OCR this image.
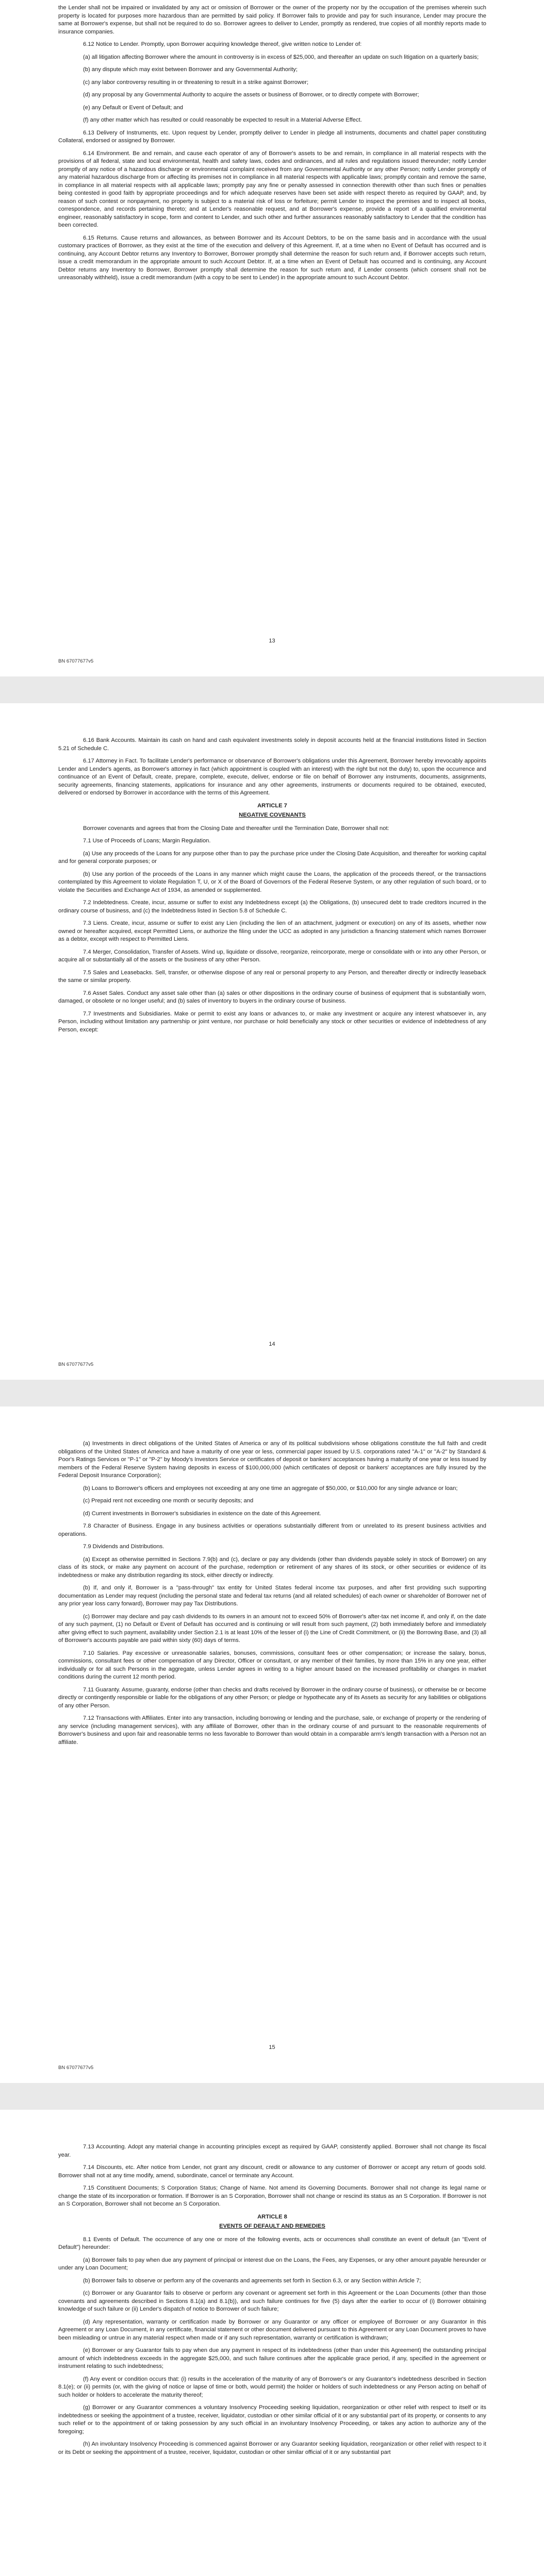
the Lender shall not be impaired or invalidated by any act or omission of Borrower or the owner of the property nor by the occupation of the premises wherein such property is located for purposes more hazardous than are permitted by said policy. If Borrower fails to provide and pay for such insurance, Lender may procure the same at Borrower's expense, but shall not be required to do so. Borrower agrees to deliver to Lender, promptly as rendered, true copies of all monthly reports made to insurance companies.

6.12 Notice to Lender. Promptly, upon Borrower acquiring knowledge thereof, give written notice to Lender of:

(a) all litigation affecting Borrower where the amount in controversy is in excess of $25,000, and thereafter an update on such litigation on a quarterly basis;

(b) any dispute which may exist between Borrower and any Governmental Authority;

(c) any labor controversy resulting in or threatening to result in a strike against Borrower;

(d) any proposal by any Governmental Authority to acquire the assets or business of Borrower, or to directly compete with Borrower;

(e) any Default or Event of Default; and

(f) any other matter which has resulted or could reasonably be expected to result in a Material Adverse Effect.

6.13 Delivery of Instruments, etc. Upon request by Lender, promptly deliver to Lender in pledge all instruments, documents and chattel paper constituting Collateral, endorsed or assigned by Borrower.

6.14 Environment. Be and remain, and cause each operator of any of Borrower's assets to be and remain, in compliance in all material respects with the provisions of all federal, state and local environmental, health and safety laws, codes and ordinances, and all rules and regulations issued thereunder; notify Lender promptly of any notice of a hazardous discharge or environmental complaint received from any Governmental Authority or any other Person; notify Lender promptly of any material hazardous discharge from or affecting its premises not in compliance in all material respects with applicable laws; promptly contain and remove the same, in compliance in all material respects with all applicable laws; promptly pay any fine or penalty assessed in connection therewith other than such fines or penalties being contested in good faith by appropriate proceedings and for which adequate reserves have been set aside with respect thereto as required by GAAP, and, by reason of such contest or nonpayment, no property is subject to a material risk of loss or forfeiture; permit Lender to inspect the premises and to inspect all books, correspondence, and records pertaining thereto; and at Lender's reasonable request, and at Borrower's expense, provide a report of a qualified environmental engineer, reasonably satisfactory in scope, form and content to Lender, and such other and further assurances reasonably satisfactory to Lender that the condition has been corrected.

6.15 Returns. Cause returns and allowances, as between Borrower and its Account Debtors, to be on the same basis and in accordance with the usual customary practices of Borrower, as they exist at the time of the execution and delivery of this Agreement. If, at a time when no Event of Default has occurred and is continuing, any Account Debtor returns any Inventory to Borrower, Borrower promptly shall determine the reason for such return and, if Borrower accepts such return, issue a credit memorandum in the appropriate amount to such Account Debtor. If, at a time when an Event of Default has occurred and is continuing, any Account Debtor returns any Inventory to Borrower, Borrower promptly shall determine the reason for such return and, if Lender consents (which consent shall not be unreasonably withheld), issue a credit memorandum (with a copy to be sent to Lender) in the appropriate amount to such Account Debtor.

13
BN 67077677v5

6.16 Bank Accounts. Maintain its cash on hand and cash equivalent investments solely in deposit accounts held at the financial institutions listed in Section 5.21 of Schedule C.

6.17 Attorney in Fact. To facilitate Lender's performance or observance of Borrower's obligations under this Agreement, Borrower hereby irrevocably appoints Lender and Lender's agents, as Borrower's attorney in fact (which appointment is coupled with an interest) with the right but not the duty) to, upon the occurrence and continuance of an Event of Default, create, prepare, complete, execute, deliver, endorse or file on behalf of Borrower any instruments, documents, assignments, security agreements, financing statements, applications for insurance and any other agreements, instruments or documents required to be obtained, executed, delivered or endorsed by Borrower in accordance with the terms of this Agreement.

ARTICLE 7

NEGATIVE COVENANTS

Borrower covenants and agrees that from the Closing Date and thereafter until the Termination Date, Borrower shall not:

7.1 Use of Proceeds of Loans; Margin Regulation.

(a) Use any proceeds of the Loans for any purpose other than to pay the purchase price under the Closing Date Acquisition, and thereafter for working capital and for general corporate purposes; or

(b) Use any portion of the proceeds of the Loans in any manner which might cause the Loans, the application of the proceeds thereof, or the transactions contemplated by this Agreement to violate Regulation T, U, or X of the Board of Governors of the Federal Reserve System, or any other regulation of such board, or to violate the Securities and Exchange Act of 1934, as amended or supplemented.

7.2 Indebtedness. Create, incur, assume or suffer to exist any Indebtedness except (a) the Obligations, (b) unsecured debt to trade creditors incurred in the ordinary course of business, and (c) the Indebtedness listed in Section 5.8 of Schedule C.

7.3 Liens. Create, incur, assume or suffer to exist any Lien (including the lien of an attachment, judgment or execution) on any of its assets, whether now owned or hereafter acquired, except Permitted Liens, or authorize the filing under the UCC as adopted in any jurisdiction a financing statement which names Borrower as a debtor, except with respect to Permitted Liens.

7.4 Merger, Consolidation, Transfer of Assets. Wind up, liquidate or dissolve, reorganize, reincorporate, merge or consolidate with or into any other Person, or acquire all or substantially all of the assets or the business of any other Person.

7.5 Sales and Leasebacks. Sell, transfer, or otherwise dispose of any real or personal property to any Person, and thereafter directly or indirectly leaseback the same or similar property.

7.6 Asset Sales. Conduct any asset sale other than (a) sales or other dispositions in the ordinary course of business of equipment that is substantially worn, damaged, or obsolete or no longer useful; and (b) sales of inventory to buyers in the ordinary course of business.

7.7 Investments and Subsidiaries. Make or permit to exist any loans or advances to, or make any investment or acquire any interest whatsoever in, any Person, including without limitation any partnership or joint venture, nor purchase or hold beneficially any stock or other securities or evidence of indebtedness of any Person, except:

14
BN 67077677v5

(a) Investments in direct obligations of the United States of America or any of its political subdivisions whose obligations constitute the full faith and credit obligations of the United States of America and have a maturity of one year or less, commercial paper issued by U.S. corporations rated "A-1" or "A-2" by Standard & Poor's Ratings Services or "P-1" or "P-2" by Moody's Investors Service or certificates of deposit or bankers' acceptances having a maturity of one year or less issued by members of the Federal Reserve System having deposits in excess of $100,000,000 (which certificates of deposit or bankers' acceptances are fully insured by the Federal Deposit Insurance Corporation);

(b) Loans to Borrower's officers and employees not exceeding at any one time an aggregate of $50,000, or $10,000 for any single advance or loan;

(c) Prepaid rent not exceeding one month or security deposits; and

(d) Current investments in Borrower's subsidiaries in existence on the date of this Agreement.

7.8 Character of Business. Engage in any business activities or operations substantially different from or unrelated to its present business activities and operations.

7.9 Dividends and Distributions.

(a) Except as otherwise permitted in Sections 7.9(b) and (c), declare or pay any dividends (other than dividends payable solely in stock of Borrower) on any class of its stock, or make any payment on account of the purchase, redemption or retirement of any shares of its stock, or other securities or evidence of its indebtedness or make any distribution regarding its stock, either directly or indirectly.

(b) If, and only if, Borrower is a "pass-through" tax entity for United States federal income tax purposes, and after first providing such supporting documentation as Lender may request (including the personal state and federal tax returns (and all related schedules) of each owner or shareholder of Borrower net of any prior year loss carry forward), Borrower may pay Tax Distributions.

(c) Borrower may declare and pay cash dividends to its owners in an amount not to exceed 50% of Borrower's after-tax net income if, and only if, on the date of any such payment, (1) no Default or Event of Default has occurred and is continuing or will result from such payment, (2) both immediately before and immediately after giving effect to such payment, availability under Section 2.1 is at least 10% of the lesser of (i) the Line of Credit Commitment, or (ii) the Borrowing Base, and (3) all of Borrower's accounts payable are paid within sixty (60) days of terms.

7.10 Salaries. Pay excessive or unreasonable salaries, bonuses, commissions, consultant fees or other compensation; or increase the salary, bonus, commissions, consultant fees or other compensation of any Director, Officer or consultant, or any member of their families, by more than 15% in any one year, either individually or for all such Persons in the aggregate, unless Lender agrees in writing to a higher amount based on the increased profitability or changes in market conditions during the current 12 month period.

7.11 Guaranty. Assume, guaranty, endorse (other than checks and drafts received by Borrower in the ordinary course of business), or otherwise be or become directly or contingently responsible or liable for the obligations of any other Person; or pledge or hypothecate any of its Assets as security for any liabilities or obligations of any other Person.

7.12 Transactions with Affiliates. Enter into any transaction, including borrowing or lending and the purchase, sale, or exchange of property or the rendering of any service (including management services), with any affiliate of Borrower, other than in the ordinary course of and pursuant to the reasonable requirements of Borrower's business and upon fair and reasonable terms no less favorable to Borrower than would obtain in a comparable arm's length transaction with a Person not an affiliate.

15
BN 67077677v5

7.13 Accounting. Adopt any material change in accounting principles except as required by GAAP, consistently applied. Borrower shall not change its fiscal year.

7.14 Discounts, etc. After notice from Lender, not grant any discount, credit or allowance to any customer of Borrower or accept any return of goods sold. Borrower shall not at any time modify, amend, subordinate, cancel or terminate any Account.

7.15 Constituent Documents; S Corporation Status; Change of Name. Not amend its Governing Documents. Borrower shall not change its legal name or change the state of its incorporation or formation. If Borrower is an S Corporation, Borrower shall not change or rescind its status as an S Corporation. If Borrower is not an S Corporation, Borrower shall not become an S Corporation.

ARTICLE 8

EVENTS OF DEFAULT AND REMEDIES

8.1 Events of Default. The occurrence of any one or more of the following events, acts or occurrences shall constitute an event of default (an "Event of Default") hereunder:

(a) Borrower fails to pay when due any payment of principal or interest due on the Loans, the Fees, any Expenses, or any other amount payable hereunder or under any Loan Document;

(b) Borrower fails to observe or perform any of the covenants and agreements set forth in Section 6.3, or any Section within Article 7;

(c) Borrower or any Guarantor fails to observe or perform any covenant or agreement set forth in this Agreement or the Loan Documents (other than those covenants and agreements described in Sections 8.1(a) and 8.1(b)), and such failure continues for five (5) days after the earlier to occur of (i) Borrower obtaining knowledge of such failure or (ii) Lender's dispatch of notice to Borrower of such failure;

(d) Any representation, warranty or certification made by Borrower or any Guarantor or any officer or employee of Borrower or any Guarantor in this Agreement or any Loan Document, in any certificate, financial statement or other document delivered pursuant to this Agreement or any Loan Document proves to have been misleading or untrue in any material respect when made or if any such representation, warranty or certification is withdrawn;

(e) Borrower or any Guarantor fails to pay when due any payment in respect of its indebtedness (other than under this Agreement) the outstanding principal amount of which indebtedness exceeds in the aggregate $25,000, and such failure continues after the applicable grace period, if any, specified in the agreement or instrument relating to such indebtedness;

(f) Any event or condition occurs that: (i) results in the acceleration of the maturity of any of Borrower's or any Guarantor's indebtedness described in Section 8.1(e); or (ii) permits (or, with the giving of notice or lapse of time or both, would permit) the holder or holders of such indebtedness or any Person acting on behalf of such holder or holders to accelerate the maturity thereof;

(g) Borrower or any Guarantor commences a voluntary Insolvency Proceeding seeking liquidation, reorganization or other relief with respect to itself or its indebtedness or seeking the appointment of a trustee, receiver, liquidator, custodian or other similar official of it or any substantial part of its property, or consents to any such relief or to the appointment of or taking possession by any such official in an involuntary Insolvency Proceeding, or takes any action to authorize any of the foregoing;

(h) An involuntary Insolvency Proceeding is commenced against Borrower or any Guarantor seeking liquidation, reorganization or other relief with respect to it or its Debt or seeking the appointment of a trustee, receiver, liquidator, custodian or other similar official of it or any substantial part
